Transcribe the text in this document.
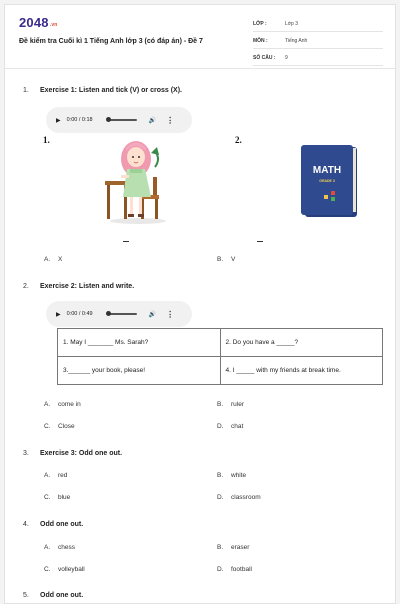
2048.vn
Đề kiểm tra Cuối kì 1 Tiếng Anh lớp 3 (có đáp án) - Đề 7
LỚP :	Lớp 3
MÔN :	Tiếng Anh
SỐ CÂU :	9
1.	Exercise 1: Listen and tick (V) or cross (X).
▶ 0:00 / 0:18	🔊 ⋮
1.	2.
MATH
GRADE 3
A.	X	B.	V
2.	Exercise 2: Listen and write.
▶ 0:00 / 0:49	🔊 ⋮
1. May I _______ Ms. Sarah?	2. Do you have a _____?
3.______ your book, please!	4. I _____ with my friends at break time.
A.	come in	B.	ruler
C.	Close	D.	chat
3.	Exercise 3: Odd one out.
A.	red	B.	white
C.	blue	D.	classroom
4.	Odd one out.
A.	chess	B.	eraser
C.	volleyball	D.	football
5.	Odd one out.
